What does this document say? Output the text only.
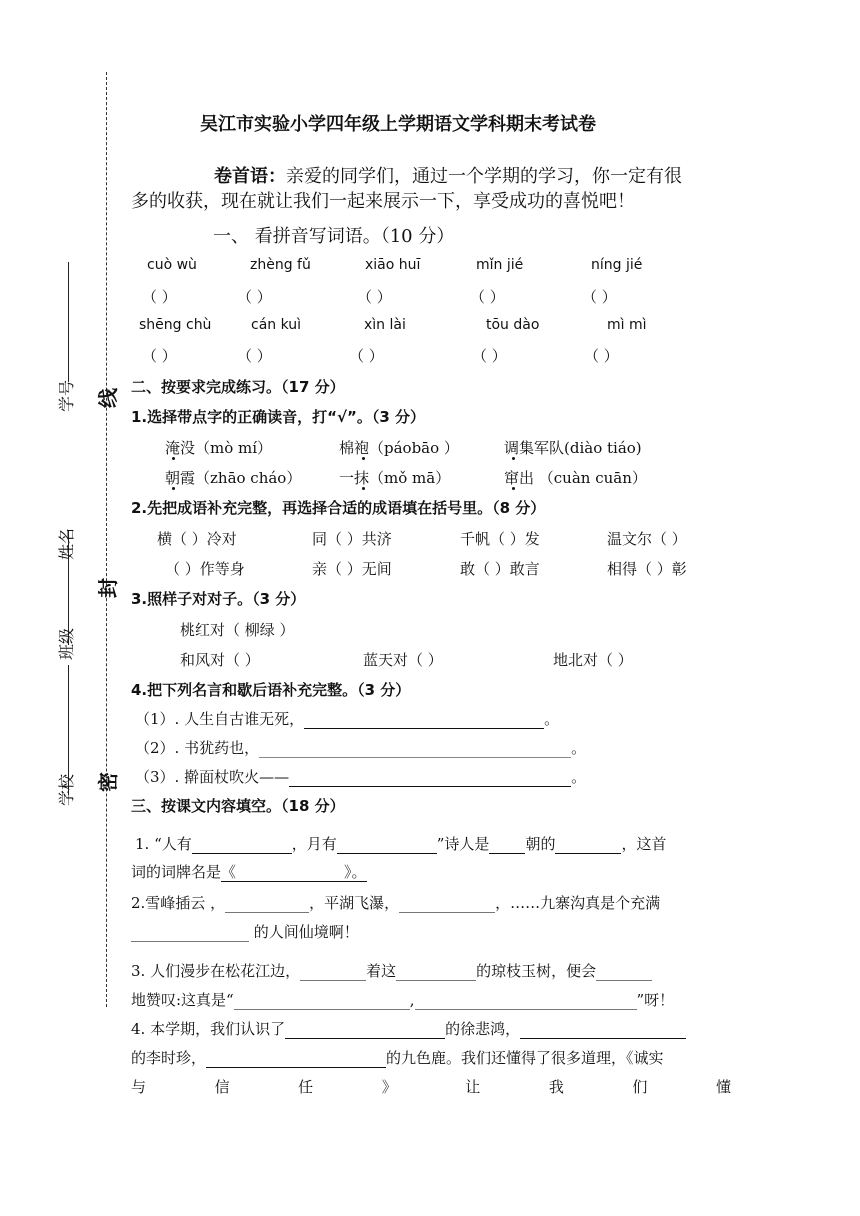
学号
姓名
班级
学校
线
封
密
吴江市实验小学四年级上学期语文学科期末考试卷
卷首语：亲爱的同学们，通过一个学期的学习，你一定有很
多的收获，现在就让我们一起来展示一下，享受成功的喜悦吧！
一、 看拼音写词语。（10 分）
cuò wù	zhèng fǔ	xiāo huī	mǐn jié	níng jié
（ ）	（ ）	（ ）	（ ）	（ ）
shēng chù	cán kuì	xìn lài	tōu dào	mì mì
（ ）	（ ）	（ ）	（ ）	（ ）
二、按要求完成练习。（17 分）
1.选择带点字的正确读音，打“√”。（3 分）
淹没（mò mí）	棉袍（páobāo ）	调集军队(diào tiáo)
朝霞（zhāo cháo）	一抹（mǒ mā）	窜出 （cuàn cuān）
2.先把成语补充完整，再选择合适的成语填在括号里。（8 分）
横（ ）冷对	同（ ）共济	千帆（ ）发	温文尔（ ）
（ ）作等身	亲（ ）无间	敢（ ）敢言	相得（ ）彰
3.照样子对对子。（3 分）
桃红对（ 柳绿 ）
和风对（ ）	蓝天对（ ）	地北对（ ）
4.把下列名言和歇后语补充完整。（3 分）
（1）. 人生自古谁无死，	。
（2）. 书犹药也，	。
（3）. 擀面杖吹火——	。
三、按课文内容填空。（18 分）
1. “人有	，月有	”诗人是 朝的	，这首
词的词牌名是《	》。
2.雪峰插云 ，	，平湖飞瀑，	，……九寨沟真是个充满
的人间仙境啊！
3. 人们漫步在松花江边，	着这	的琼枝玉树，便会
地赞叹:这真是“	,	”呀！
4. 本学期，我们认识了	的徐悲鸿，
的李时珍，	的九色鹿。我们还懂得了很多道理，《诚实
与	信	任	》	让	我	们	懂
